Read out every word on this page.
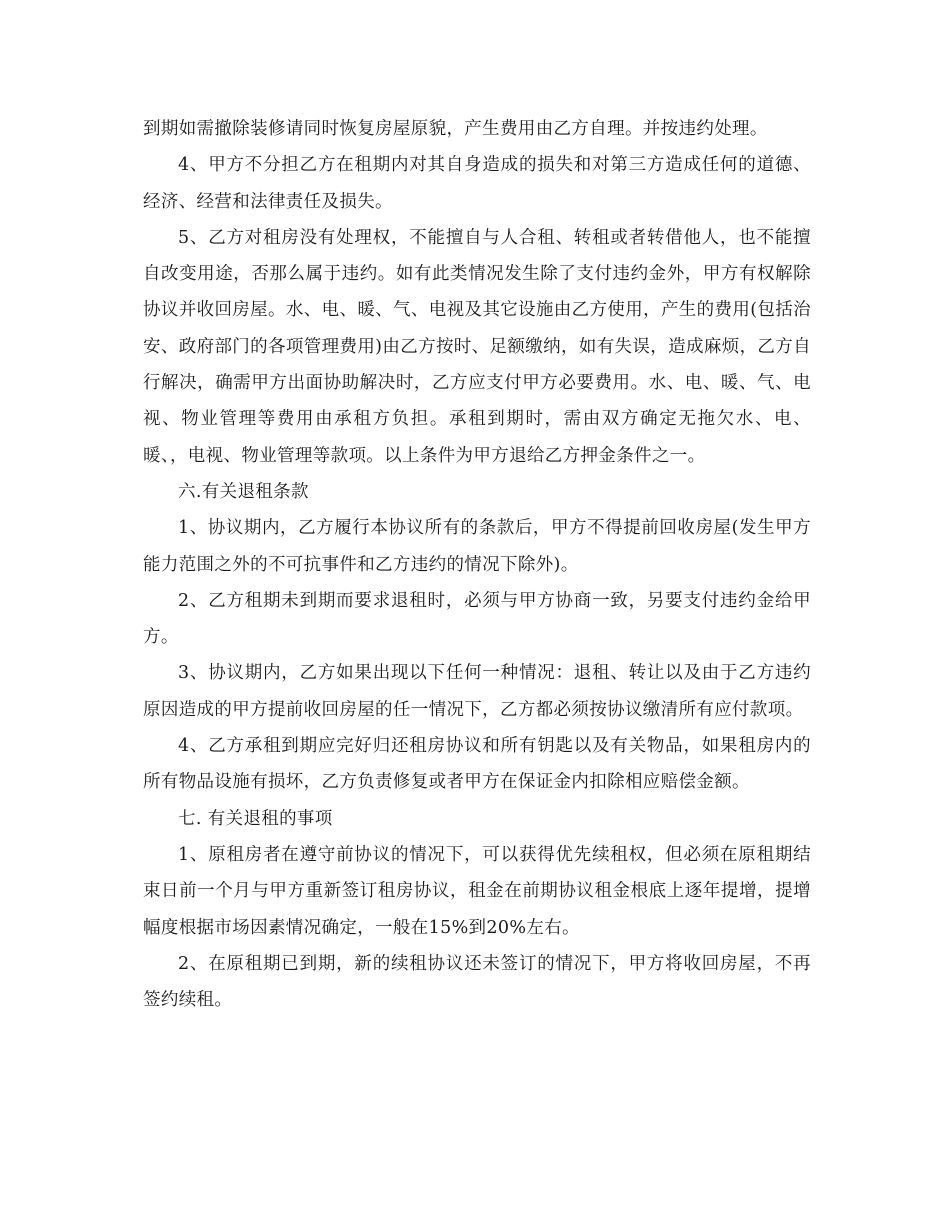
到期如需撤除装修请同时恢复房屋原貌，产生费用由乙方自理。并按违约处理。

4、甲方不分担乙方在租期内对其自身造成的损失和对第三方造成任何的道德、经济、经营和法律责任及损失。

5、乙方对租房没有处理权，不能擅自与人合租、转租或者转借他人，也不能擅自改变用途，否那么属于违约。如有此类情况发生除了支付违约金外，甲方有权解除协议并收回房屋。水、电、暖、气、电视及其它设施由乙方使用，产生的费用(包括治安、政府部门的各项管理费用)由乙方按时、足额缴纳，如有失误，造成麻烦，乙方自行解决，确需甲方出面协助解决时，乙方应支付甲方必要费用。水、电、暖、气、电视、物业管理等费用由承租方负担。承租到期时，需由双方确定无拖欠水、电、暖、，电视、物业管理等款项。以上条件为甲方退给乙方押金条件之一。

六.有关退租条款

1、协议期内，乙方履行本协议所有的条款后，甲方不得提前回收房屋(发生甲方能力范围之外的不可抗事件和乙方违约的情况下除外)。

2、乙方租期未到期而要求退租时，必须与甲方协商一致，另要支付违约金给甲方。

3、协议期内，乙方如果出现以下任何一种情况：退租、转让以及由于乙方违约原因造成的甲方提前收回房屋的任一情况下，乙方都必须按协议缴清所有应付款项。

4、乙方承租到期应完好归还租房协议和所有钥匙以及有关物品，如果租房内的所有物品设施有损坏，乙方负责修复或者甲方在保证金内扣除相应赔偿金额。

七. 有关退租的事项

1、原租房者在遵守前协议的情况下，可以获得优先续租权，但必须在原租期结束日前一个月与甲方重新签订租房协议，租金在前期协议租金根底上逐年提增，提增幅度根据市场因素情况确定，一般在15%到20%左右。

2、在原租期已到期，新的续租协议还未签订的情况下，甲方将收回房屋，不再签约续租。
